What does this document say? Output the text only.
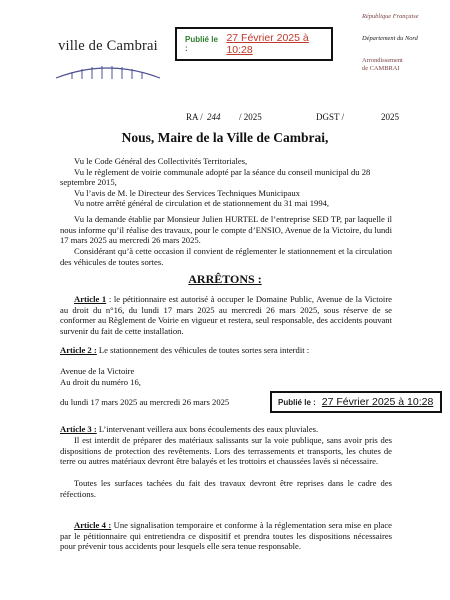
ville de Cambrai	Publié le :
27 Février 2025 à 10:28
République Française
Département du Nord
Arrondissement
de CAMBRAI
RA / 244 / 2025	DGST /	2025
Nous, Maire de la Ville de Cambrai,
Vu le Code Général des Collectivités Territoriales,
Vu le règlement de voirie communale adopté par la séance du conseil municipal du 28 septembre 2015,
Vu l’avis de M. le Directeur des Services Techniques Municipaux
Vu notre arrêté général de circulation et de stationnement du 31 mai 1994,
Vu la demande établie par Monsieur Julien HURTEL de l’entreprise SED TP, par laquelle il nous informe qu’il réalise des travaux, pour le compte d’ENSIO, Avenue de la Victoire, du lundi 17 mars 2025 au mercredi 26 mars 2025.
Considérant qu’à cette occasion il convient de réglementer le stationnement et la circulation des véhicules de toutes sortes.
ARRÊTONS :
Article 1 : le pétitionnaire est autorisé à occuper le Domaine Public, Avenue de la Victoire au droit du n°16, du lundi 17 mars 2025 au mercredi 26 mars 2025, sous réserve de se conformer au Règlement de Voirie en vigueur et restera, seul responsable, des accidents pouvant survenir du fait de cette installation.
Article 2 : Le stationnement des véhicules de toutes sortes sera interdit :
Avenue de la Victoire
Au droit du numéro 16,
du lundi 17 mars 2025 au mercredi 26 mars 2025	Publié le : 27 Février 2025 à 10:28
Article 3 : L’intervenant veillera aux bons écoulements des eaux pluviales.
Il est interdit de préparer des matériaux salissants sur la voie publique, sans avoir pris des dispositions de protection des revêtements. Lors des terrassements et transports, les chutes de terre ou autres matériaux devront être balayés et les trottoirs et chaussées lavés si nécessaire.
Toutes les surfaces tachées du fait des travaux devront être reprises dans le cadre des réfections.
Article 4 : Une signalisation temporaire et conforme à la réglementation sera mise en place par le pétitionnaire qui entretiendra ce dispositif et prendra toutes les dispositions nécessaires pour prévenir tous accidents pour lesquels elle sera tenue responsable.
